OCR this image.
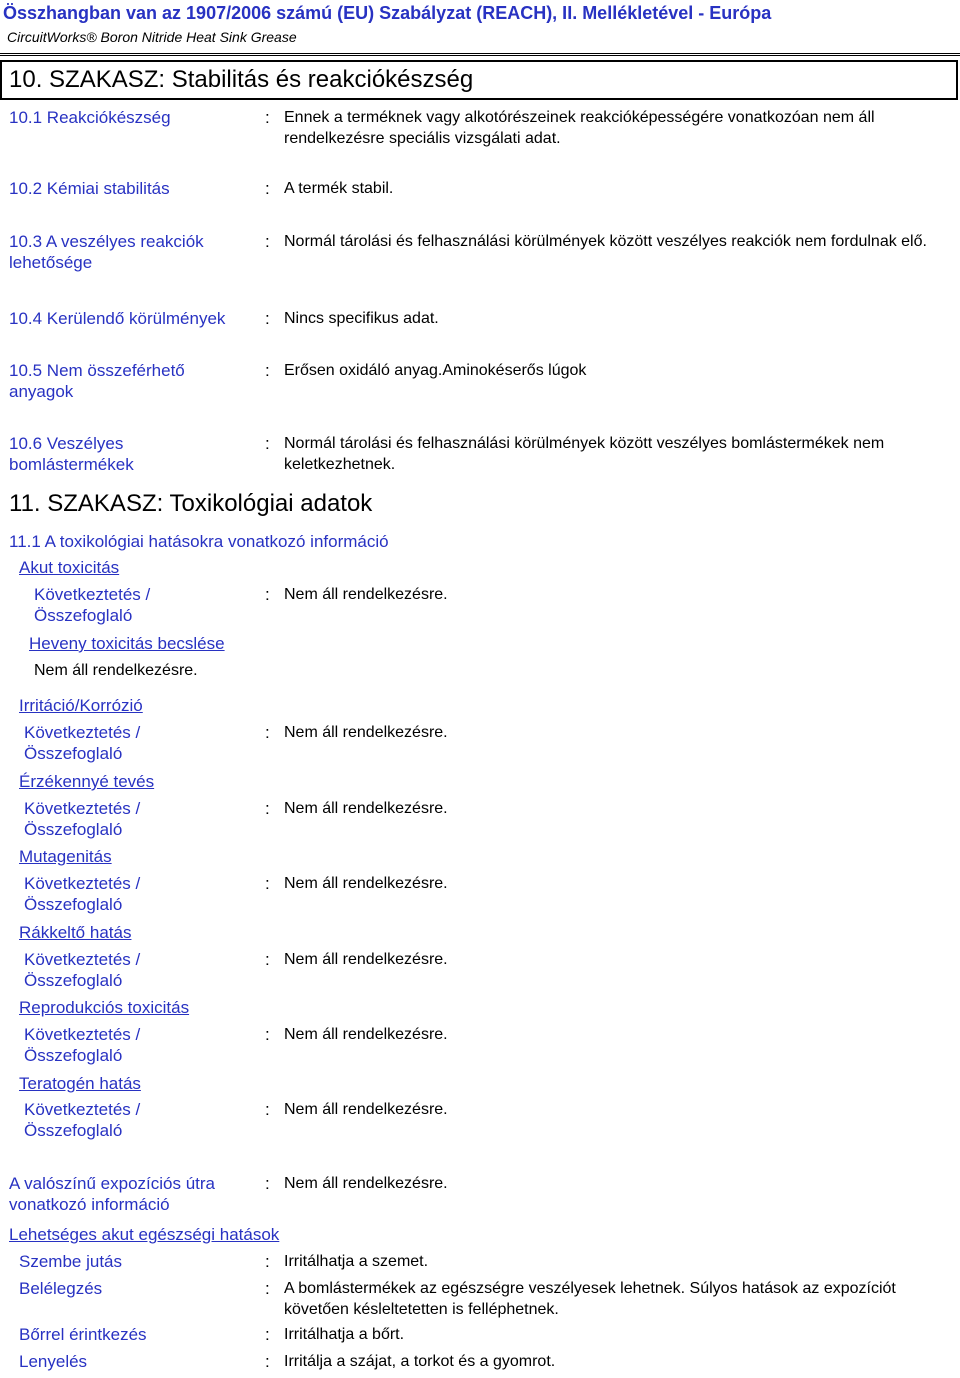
Összhangban van az 1907/2006 számú (EU) Szabályzat (REACH), II. Mellékletével - Európa
CircuitWorks® Boron Nitride Heat Sink Grease
10. SZAKASZ: Stabilitás és reakciókészség
10.1 Reakciókészség	: Ennek a terméknek vagy alkotórészeinek reakcióképességére vonatkozóan nem áll rendelkezésre speciális vizsgálati adat.
10.2 Kémiai stabilitás	: A termék stabil.
10.3 A veszélyes reakciók lehetősége
: Normál tárolási és felhasználási körülmények között veszélyes reakciók nem fordulnak elő.
10.4 Kerülendő körülmények	: Nincs specifikus adat.
10.5 Nem összeférhető anyagok
: Erősen oxidáló anyag.Aminokéserős lúgok
10.6 Veszélyes bomlástermékek
: Normál tárolási és felhasználási körülmények között veszélyes bomlástermékek nem keletkezhetnek.
11. SZAKASZ: Toxikológiai adatok
11.1 A toxikológiai hatásokra vonatkozó információ
Akut toxicitás
Következtetés / Összefoglaló
: Nem áll rendelkezésre.
Heveny toxicitás becslése
Nem áll rendelkezésre.
Irritáció/Korrózió
Következtetés / Összefoglaló
: Nem áll rendelkezésre.
Érzékennyé tevés
Következtetés / Összefoglaló
: Nem áll rendelkezésre.
Mutagenitás
Következtetés / Összefoglaló
: Nem áll rendelkezésre.
Rákkeltő hatás
Következtetés / Összefoglaló
: Nem áll rendelkezésre.
Reprodukciós toxicitás
Következtetés / Összefoglaló
: Nem áll rendelkezésre.
Teratogén hatás
Következtetés / Összefoglaló
: Nem áll rendelkezésre.
A valószínű expozíciós útra vonatkozó információ
: Nem áll rendelkezésre.
Lehetséges akut egészségi hatások
Szembe jutás	: Irritálhatja a szemet.
Belélegzés	: A bomlástermékek az egészségre veszélyesek lehetnek. Súlyos hatások az expozíciót követően késleltetetten is felléphetnek.
Bőrrel érintkezés	: Irritálhatja a bőrt.
Lenyelés	: Irritálja a szájat, a torkot és a gyomrot.
